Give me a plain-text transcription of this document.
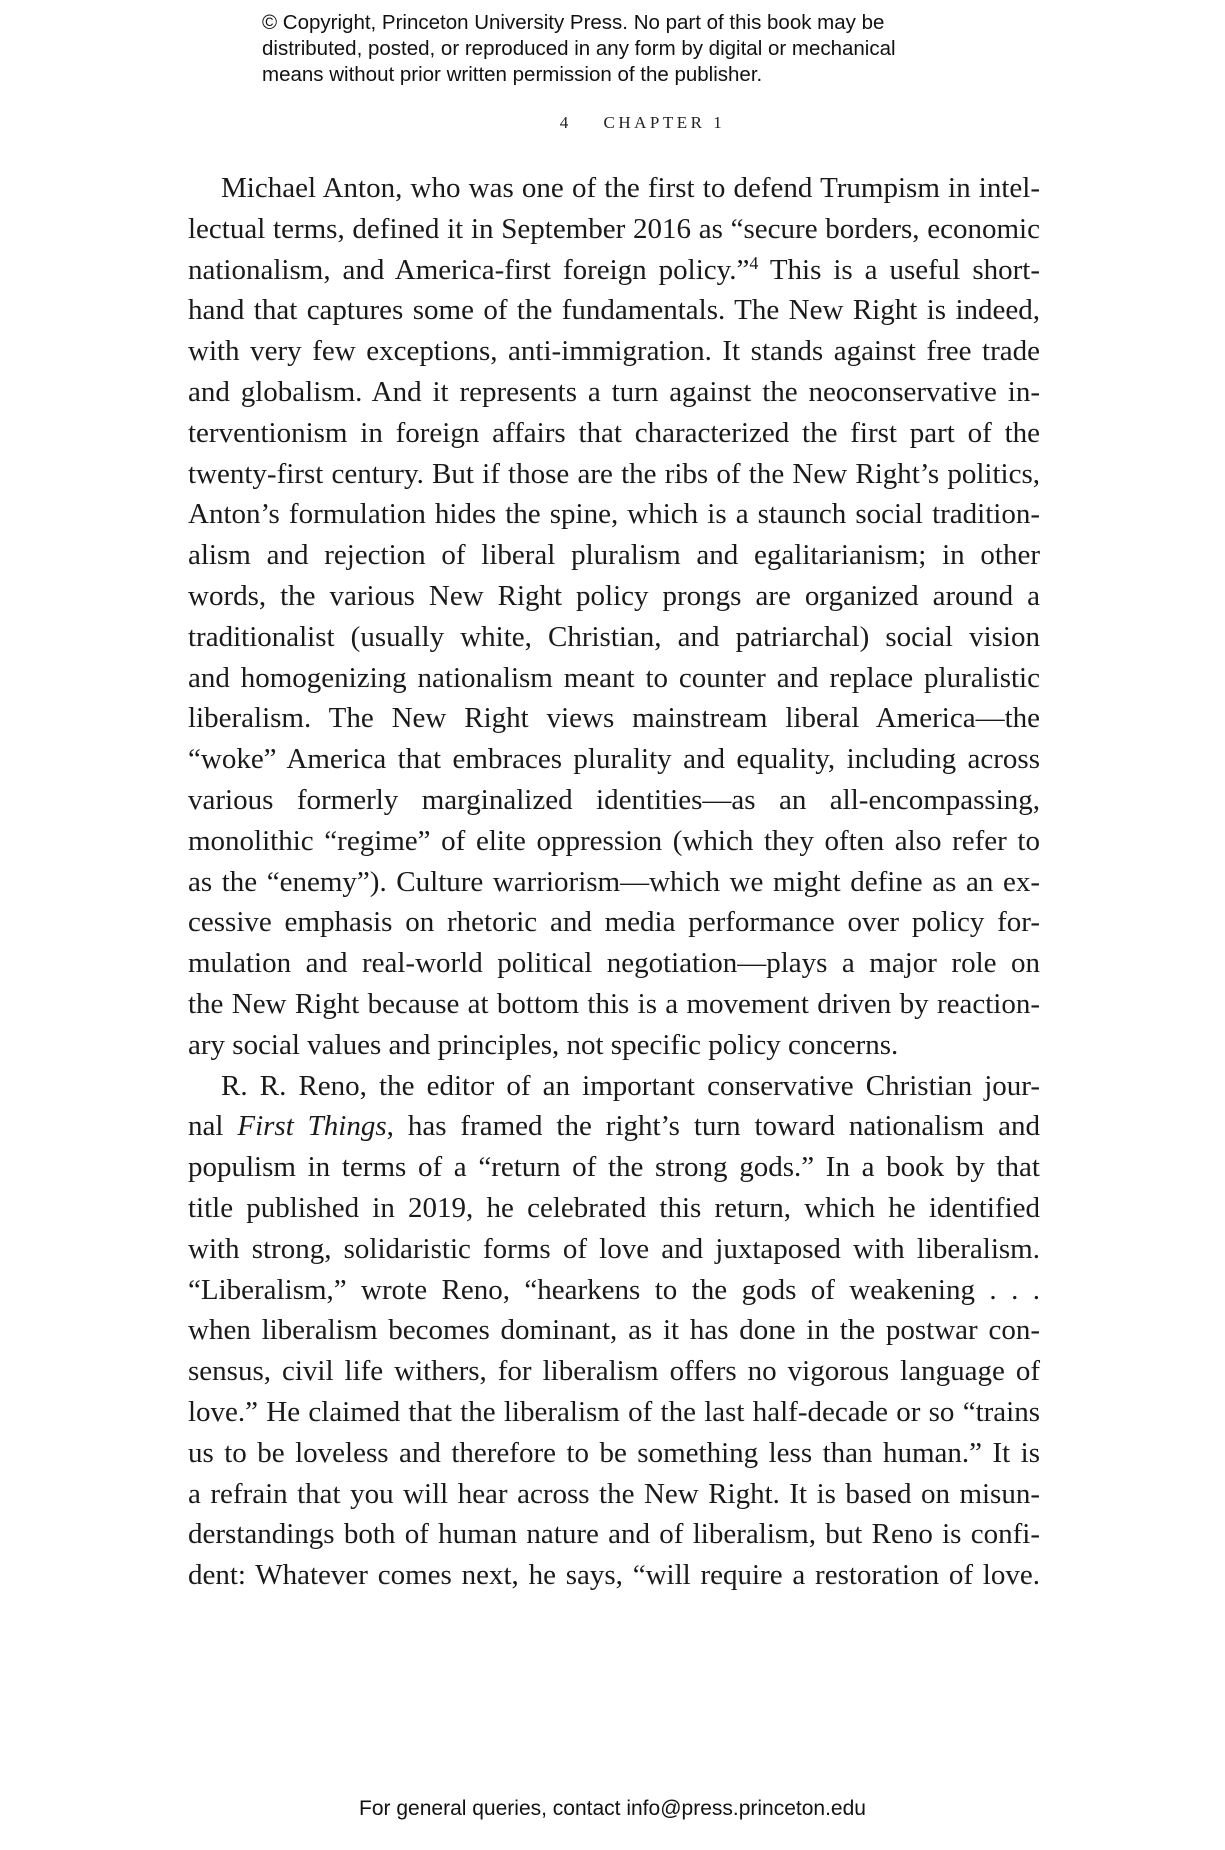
© Copyright, Princeton University Press. No part of this book may be
distributed, posted, or reproduced in any form by digital or mechanical
means without prior written permission of the publisher.
4 CHAPTER 1
Michael Anton, who was one of the first to defend Trumpism in intel-
lectual terms, defined it in September 2016 as “secure borders, economic
nationalism, and America-first foreign policy.”$^4$ This is a useful short-
hand that captures some of the fundamentals. The New Right is indeed,
with very few exceptions, anti-immigration. It stands against free trade
and globalism. And it represents a turn against the neoconservative in-
terventionism in foreign affairs that characterized the first part of the
twenty-first century. But if those are the ribs of the New Right’s politics,
Anton’s formulation hides the spine, which is a staunch social tradition-
alism and rejection of liberal pluralism and egalitarianism; in other
words, the various New Right policy prongs are organized around a
traditionalist (usually white, Christian, and patriarchal) social vision
and homogenizing nationalism meant to counter and replace pluralistic
liberalism. The New Right views mainstream liberal America—the
“woke” America that embraces plurality and equality, including across
various formerly marginalized identities—as an all-encompassing,
monolithic “regime” of elite oppression (which they often also refer to
as the “enemy”). Culture warriorism—which we might define as an ex-
cessive emphasis on rhetoric and media performance over policy for-
mulation and real-world political negotiation—plays a major role on
the New Right because at bottom this is a movement driven by reaction-
ary social values and principles, not specific policy concerns.
R. R. Reno, the editor of an important conservative Christian jour-
nal First Things, has framed the right’s turn toward nationalism and
populism in terms of a “return of the strong gods.” In a book by that
title published in 2019, he celebrated this return, which he identified
with strong, solidaristic forms of love and juxtaposed with liberalism.
“Liberalism,” wrote Reno, “hearkens to the gods of weakening . . .
when liberalism becomes dominant, as it has done in the postwar con-
sensus, civil life withers, for liberalism offers no vigorous language of
love.” He claimed that the liberalism of the last half-decade or so “trains
us to be loveless and therefore to be something less than human.” It is
a refrain that you will hear across the New Right. It is based on misun-
derstandings both of human nature and of liberalism, but Reno is confi-
dent: Whatever comes next, he says, “will require a restoration of love.
For general queries, contact info@press.princeton.edu
